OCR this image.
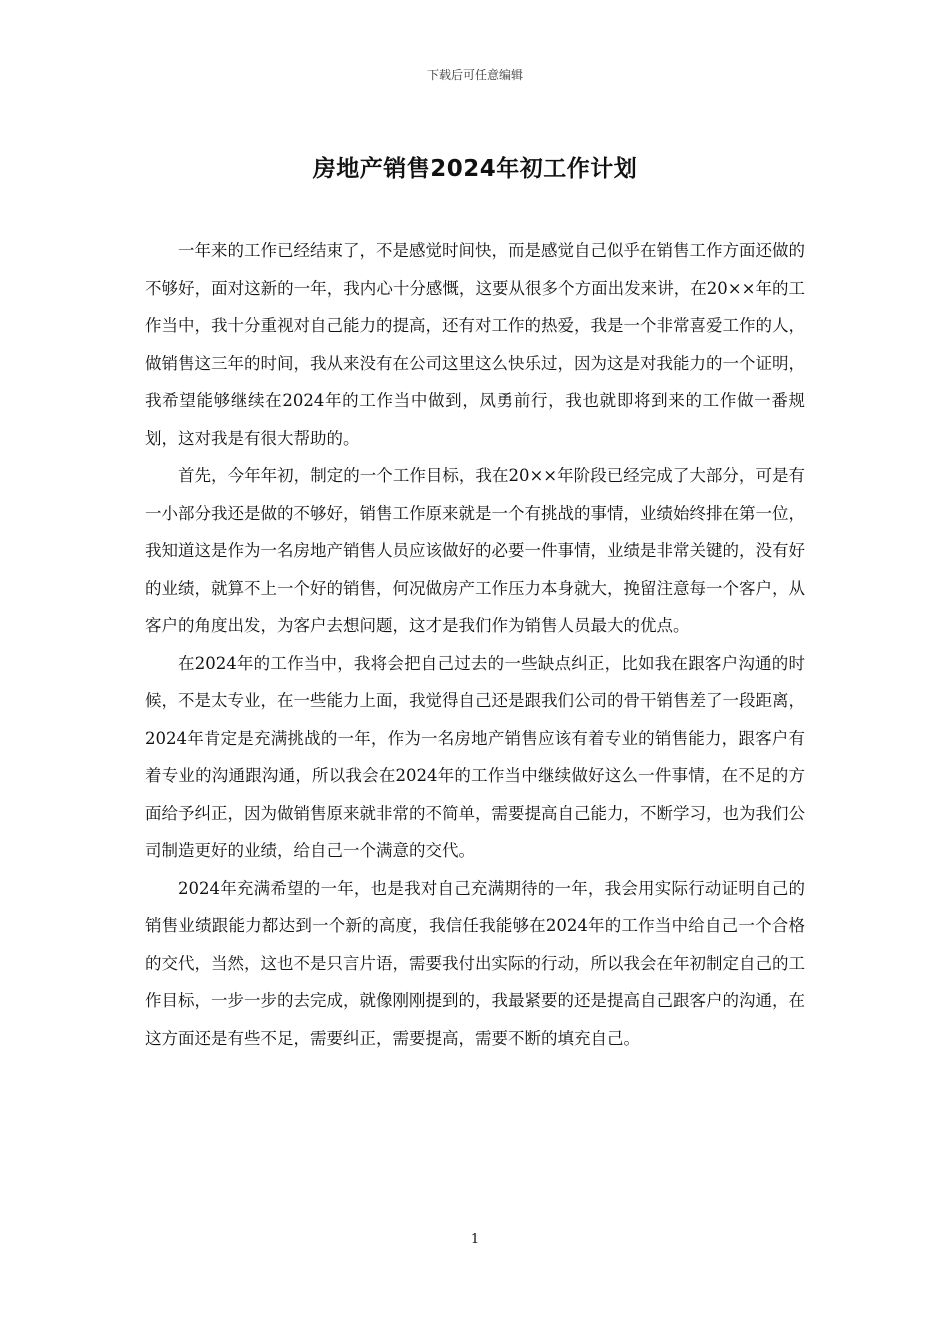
下载后可任意编辑
房地产销售2024年初工作计划

一年来的工作已经结束了，不是感觉时间快，而是感觉自己似乎在销售工作方面还做的不够好，面对这新的一年，我内心十分感慨，这要从很多个方面出发来讲，在20××年的工作当中，我十分重视对自己能力的提高，还有对工作的热爱，我是一个非常喜爱工作的人，做销售这三年的时间，我从来没有在公司这里这么快乐过，因为这是对我能力的一个证明，我希望能够继续在2024年的工作当中做到，凤勇前行，我也就即将到来的工作做一番规划，这对我是有很大帮助的。

首先，今年年初，制定的一个工作目标，我在20××年阶段已经完成了大部分，可是有一小部分我还是做的不够好，销售工作原来就是一个有挑战的事情，业绩始终排在第一位，我知道这是作为一名房地产销售人员应该做好的必要一件事情，业绩是非常关键的，没有好的业绩，就算不上一个好的销售，何况做房产工作压力本身就大，挽留注意每一个客户，从客户的角度出发，为客户去想问题，这才是我们作为销售人员最大的优点。

在2024年的工作当中，我将会把自己过去的一些缺点纠正，比如我在跟客户沟通的时候，不是太专业，在一些能力上面，我觉得自己还是跟我们公司的骨干销售差了一段距离，2024年肯定是充满挑战的一年，作为一名房地产销售应该有着专业的销售能力，跟客户有着专业的沟通跟沟通，所以我会在2024年的工作当中继续做好这么一件事情，在不足的方面给予纠正，因为做销售原来就非常的不简单，需要提高自己能力，不断学习，也为我们公司制造更好的业绩，给自己一个满意的交代。

2024年充满希望的一年，也是我对自己充满期待的一年，我会用实际行动证明自己的销售业绩跟能力都达到一个新的高度，我信任我能够在2024年的工作当中给自己一个合格的交代，当然，这也不是只言片语，需要我付出实际的行动，所以我会在年初制定自己的工作目标，一步一步的去完成，就像刚刚提到的，我最紧要的还是提高自己跟客户的沟通，在这方面还是有些不足，需要纠正，需要提高，需要不断的填充自己。

1
